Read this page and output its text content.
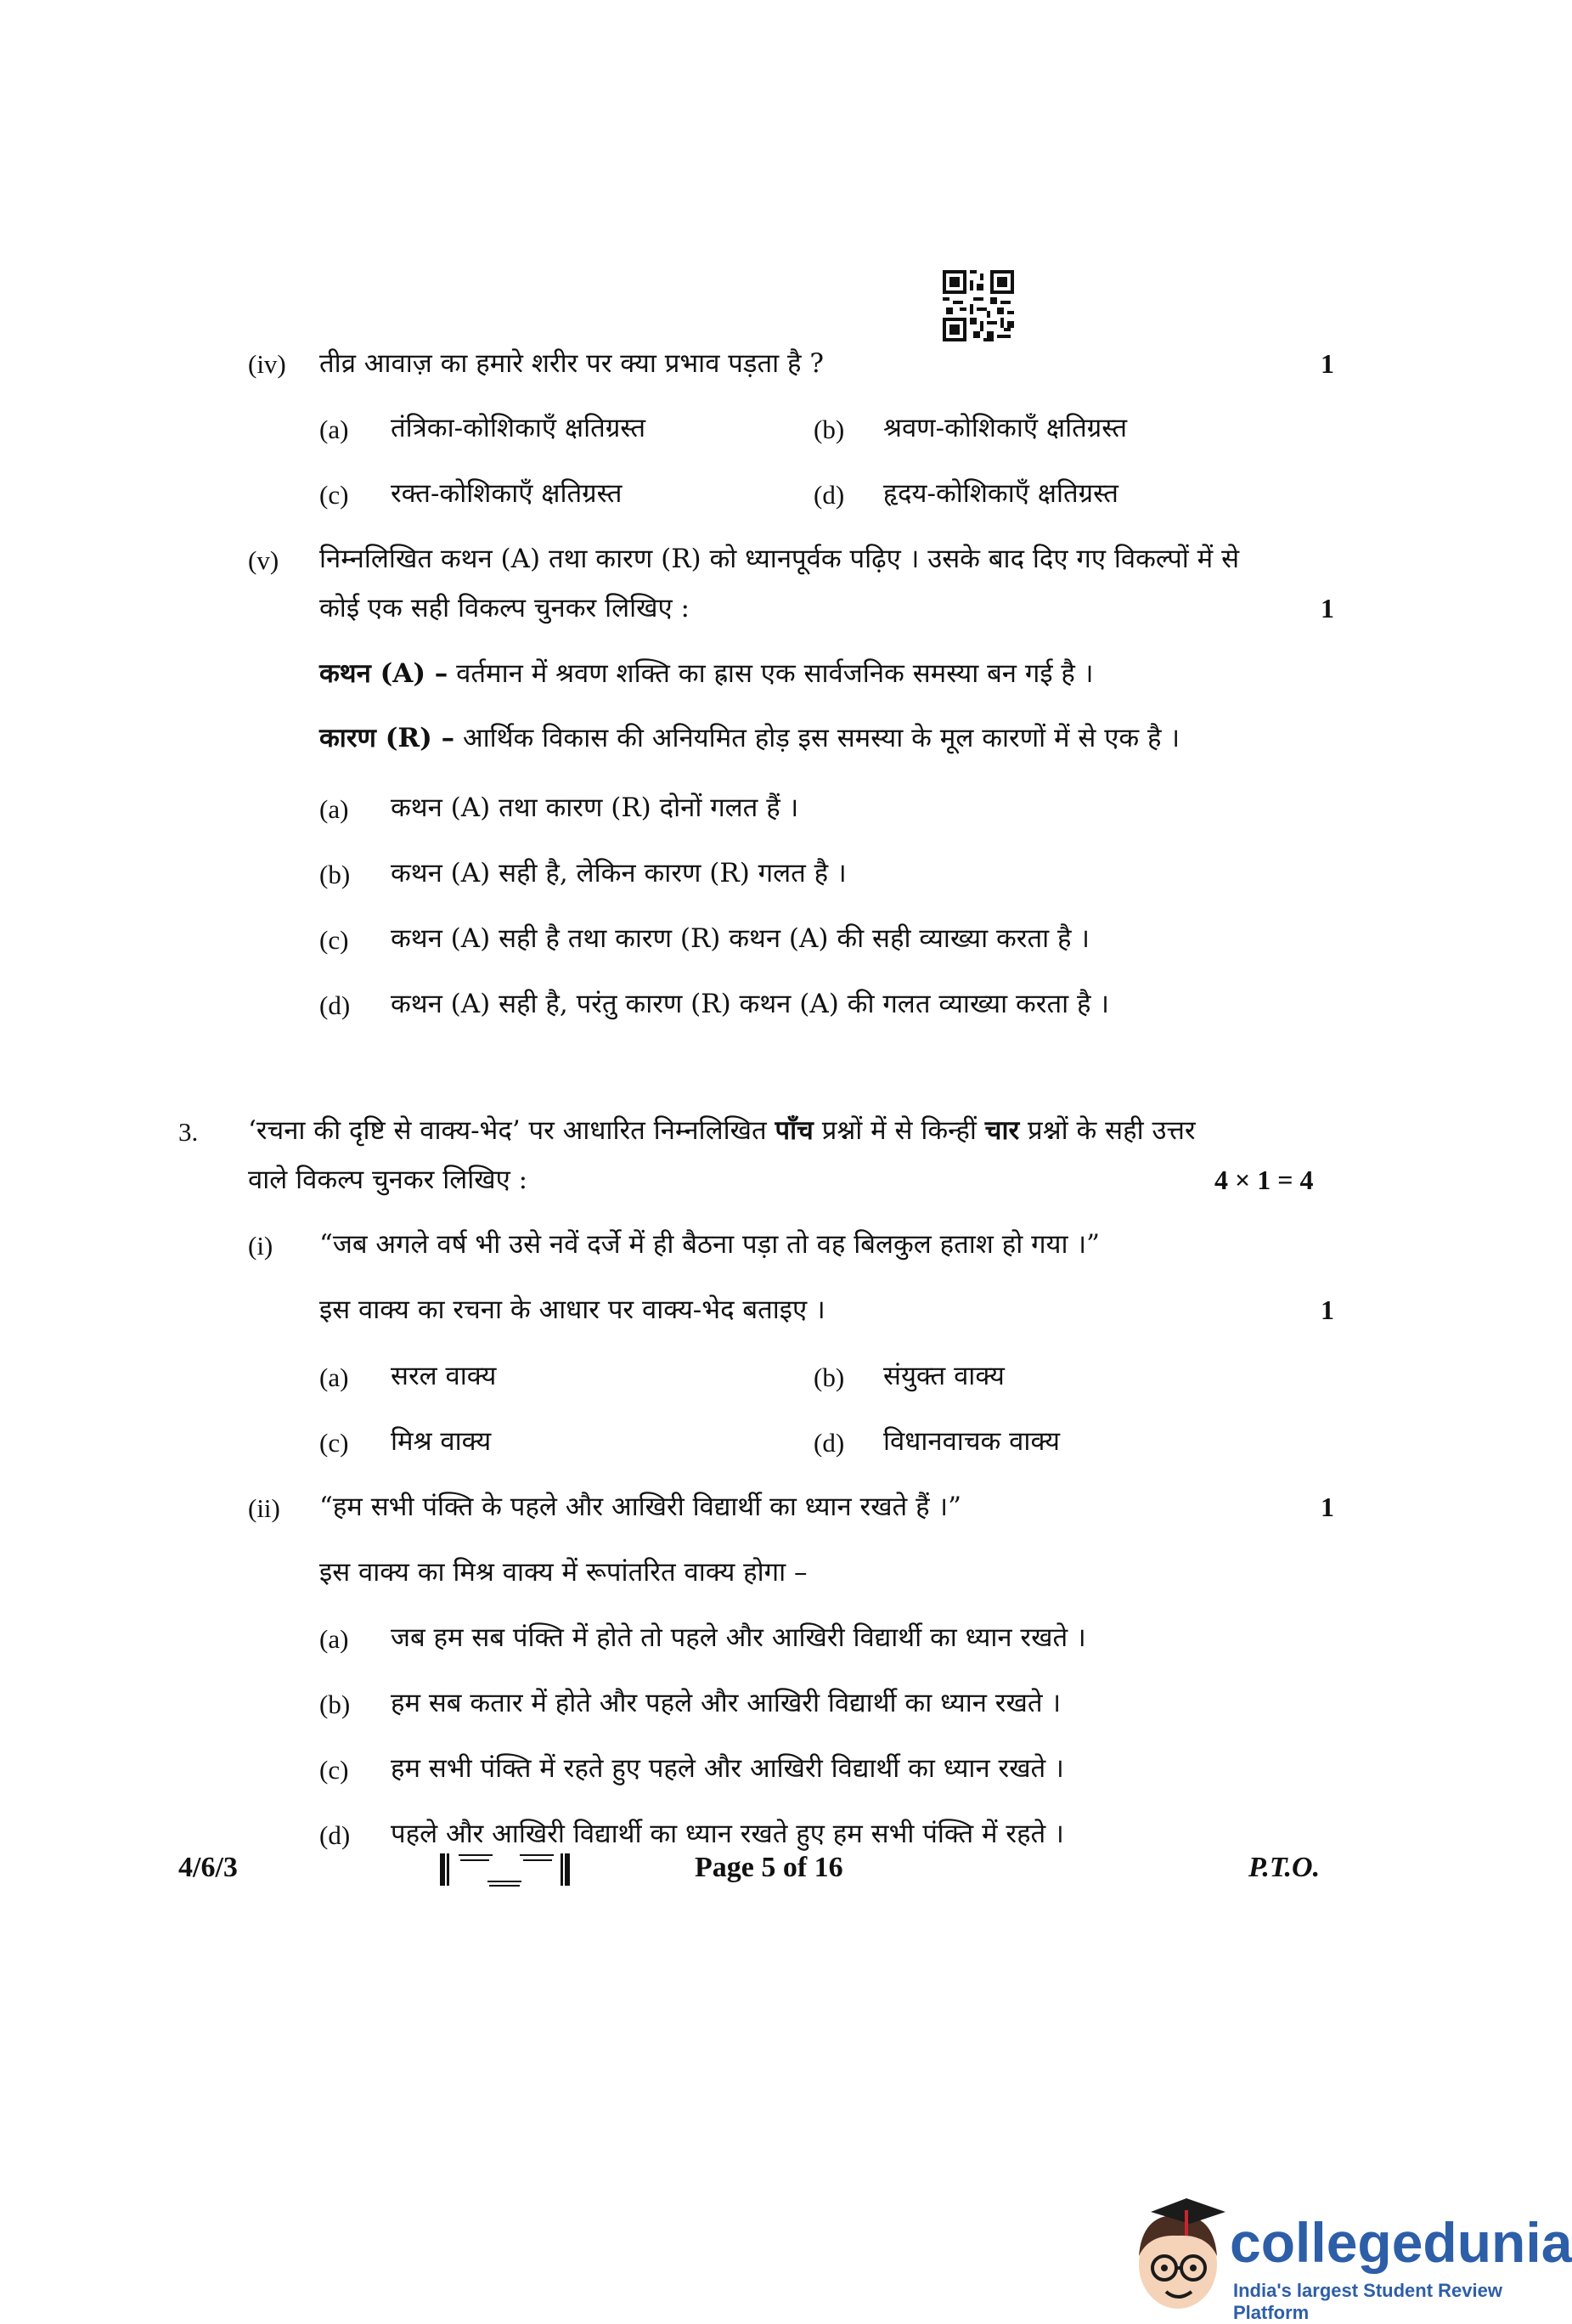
(iv) तीव्र आवाज़ का हमारे शरीर पर क्या प्रभाव पड़ता है ?	1
(a) तंत्रिका-कोशिकाएँ क्षतिग्रस्त	(b) श्रवण-कोशिकाएँ क्षतिग्रस्त
(c) रक्त-कोशिकाएँ क्षतिग्रस्त	(d) हृदय-कोशिकाएँ क्षतिग्रस्त
(v) निम्नलिखित कथन (A) तथा कारण (R) को ध्यानपूर्वक पढ़िए । उसके बाद दिए गए विकल्पों में से
कोई एक सही विकल्प चुनकर लिखिए :	1
कथन (A) – वर्तमान में श्रवण शक्ति का ह्रास एक सार्वजनिक समस्या बन गई है ।
कारण (R) – आर्थिक विकास की अनियमित होड़ इस समस्या के मूल कारणों में से एक है ।
(a) कथन (A) तथा कारण (R) दोनों गलत हैं ।
(b) कथन (A) सही है, लेकिन कारण (R) गलत है ।
(c) कथन (A) सही है तथा कारण (R) कथन (A) की सही व्याख्या करता है ।
(d) कथन (A) सही है, परंतु कारण (R) कथन (A) की गलत व्याख्या करता है ।
3. ‘रचना की दृष्टि से वाक्य-भेद’ पर आधारित निम्नलिखित पाँच प्रश्नों में से किन्हीं चार प्रश्नों के सही उत्तर
वाले विकल्प चुनकर लिखिए :	4 × 1 = 4
(i) “जब अगले वर्ष भी उसे नवें दर्जे में ही बैठना पड़ा तो वह बिलकुल हताश हो गया ।”
इस वाक्य का रचना के आधार पर वाक्य-भेद बताइए ।	1
(a) सरल वाक्य	(b) संयुक्त वाक्य
(c) मिश्र वाक्य	(d) विधानवाचक वाक्य
(ii) “हम सभी पंक्ति के पहले और आखिरी विद्यार्थी का ध्यान रखते हैं ।”	1
इस वाक्य का मिश्र वाक्य में रूपांतरित वाक्य होगा –
(a) जब हम सब पंक्ति में होते तो पहले और आखिरी विद्यार्थी का ध्यान रखते ।
(b) हम सब कतार में होते और पहले और आखिरी विद्यार्थी का ध्यान रखते ।
(c) हम सभी पंक्ति में रहते हुए पहले और आखिरी विद्यार्थी का ध्यान रखते ।
(d) पहले और आखिरी विद्यार्थी का ध्यान रखते हुए हम सभी पंक्ति में रहते ।
4/6/3	Page 5 of 16	P.T.O.
collegedunia
India's largest Student Review Platform
